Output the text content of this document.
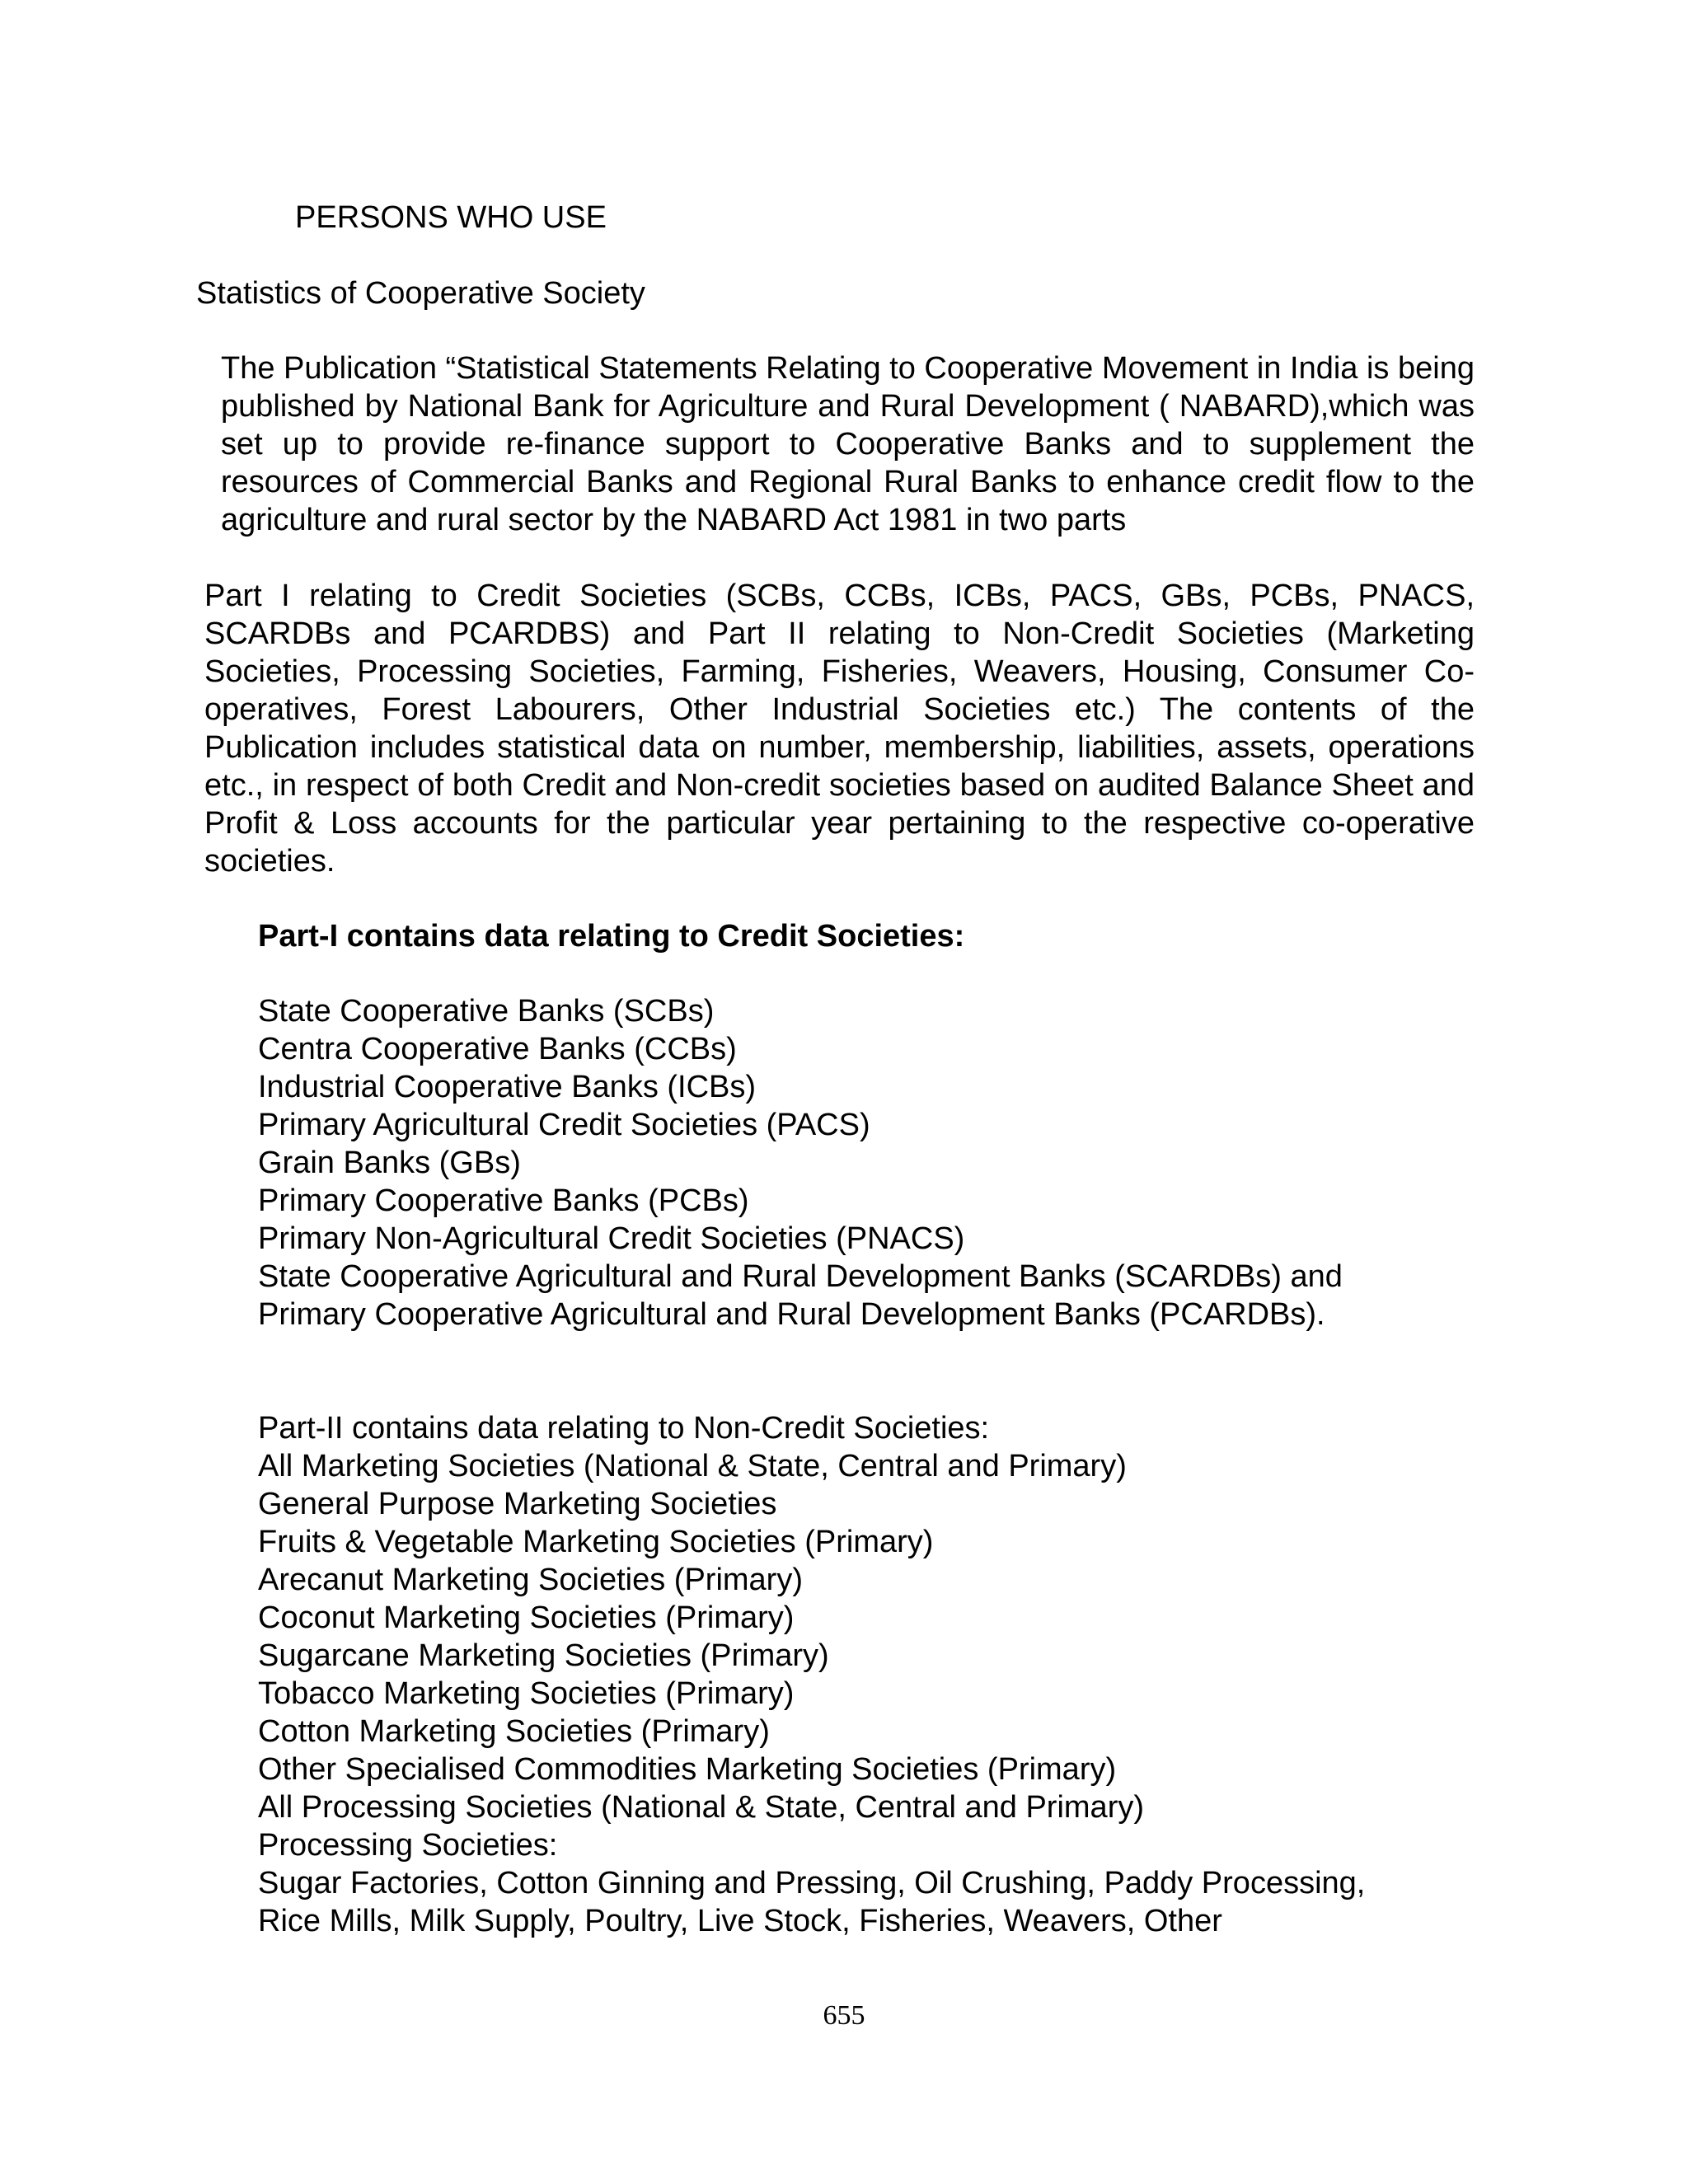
PERSONS WHO USE
Statistics of Cooperative Society

The Publication “Statistical Statements Relating to Cooperative Movement in India is being published by National Bank for Agriculture and Rural Development ( NABARD),which was set up to provide re-finance support to Cooperative Banks and to supplement the resources of Commercial Banks and Regional Rural Banks to enhance credit flow to the agriculture and rural sector by the NABARD Act 1981 in two parts

Part I relating to Credit Societies (SCBs, CCBs, ICBs, PACS, GBs, PCBs, PNACS, SCARDBs and PCARDBS) and Part II relating to Non-Credit Societies (Marketing Societies, Processing Societies, Farming, Fisheries, Weavers, Housing, Consumer Co-operatives, Forest Labourers, Other Industrial Societies etc.) The contents of the Publication includes statistical data on number, membership, liabilities, assets, operations etc., in respect of both Credit and Non-credit societies based on audited Balance Sheet and Profit & Loss accounts for the particular year pertaining to the respective co-operative societies.

Part-I contains data relating to Credit Societies:
State Cooperative Banks (SCBs)
Centra Cooperative Banks (CCBs)
Industrial Cooperative Banks (ICBs)
Primary Agricultural Credit Societies (PACS)
Grain Banks (GBs)
Primary Cooperative Banks (PCBs)
Primary Non-Agricultural Credit Societies (PNACS)
State Cooperative Agricultural and Rural Development Banks (SCARDBs) and
Primary Cooperative Agricultural and Rural Development Banks (PCARDBs).
Part-II contains data relating to Non-Credit Societies:
All Marketing Societies (National & State, Central and Primary)
General Purpose Marketing Societies
Fruits & Vegetable Marketing Societies (Primary)
Arecanut Marketing Societies (Primary)
Coconut Marketing Societies (Primary)
Sugarcane Marketing Societies (Primary)
Tobacco Marketing Societies (Primary)
Cotton Marketing Societies (Primary)
Other Specialised Commodities Marketing Societies (Primary)
All Processing Societies (National & State, Central and Primary)
Processing Societies:
Sugar Factories, Cotton Ginning and Pressing, Oil Crushing, Paddy Processing,
Rice Mills, Milk Supply, Poultry, Live Stock, Fisheries, Weavers, Other
655
